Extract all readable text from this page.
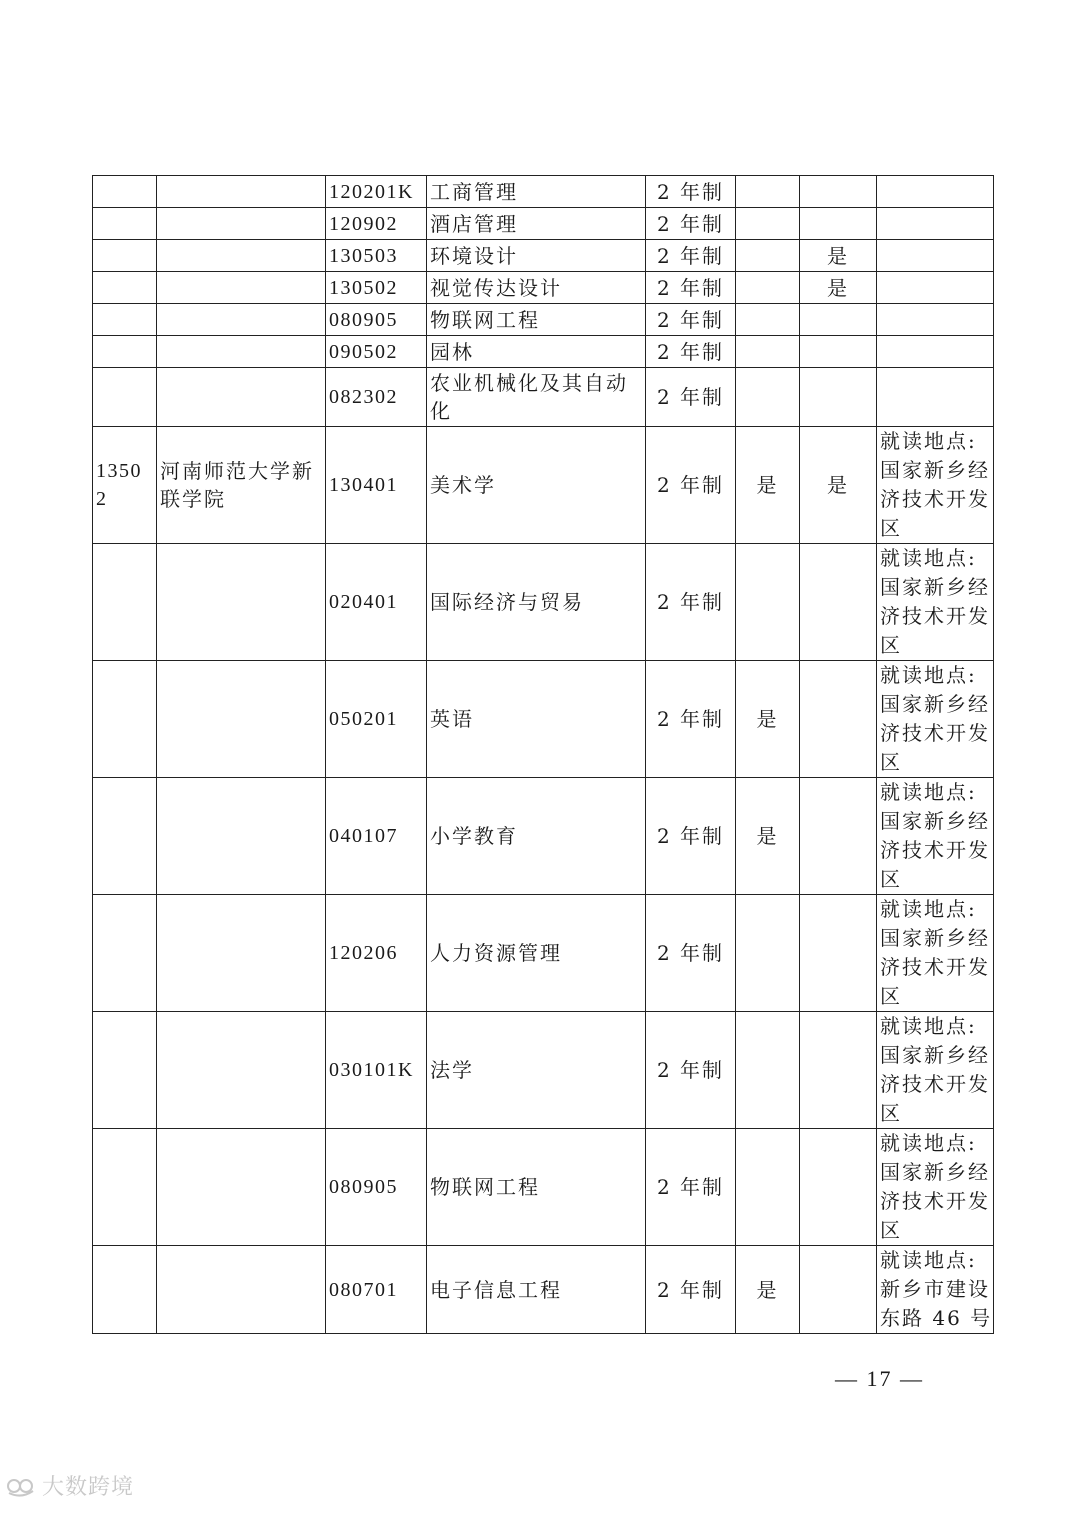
		120201K	工商管理	2 年制			
		120902	酒店管理	2 年制			
		130503	环境设计	2 年制		是	
		130502	视觉传达设计	2 年制		是	
		080905	物联网工程	2 年制			
		090502	园林	2 年制			
		082302	农业机械化及其自动化	2 年制			
13502	河南师范大学新联学院	130401	美术学	2 年制	是	是	就读地点:国家新乡经济技术开发区
		020401	国际经济与贸易	2 年制			就读地点:国家新乡经济技术开发区
		050201	英语	2 年制	是		就读地点:国家新乡经济技术开发区
		040107	小学教育	2 年制	是		就读地点:国家新乡经济技术开发区
		120206	人力资源管理	2 年制			就读地点:国家新乡经济技术开发区
		030101K	法学	2 年制			就读地点:国家新乡经济技术开发区
		080905	物联网工程	2 年制			就读地点:国家新乡经济技术开发区
		080701	电子信息工程	2 年制	是		就读地点:新乡市建设东路 46 号
— 17 —
大数跨境
